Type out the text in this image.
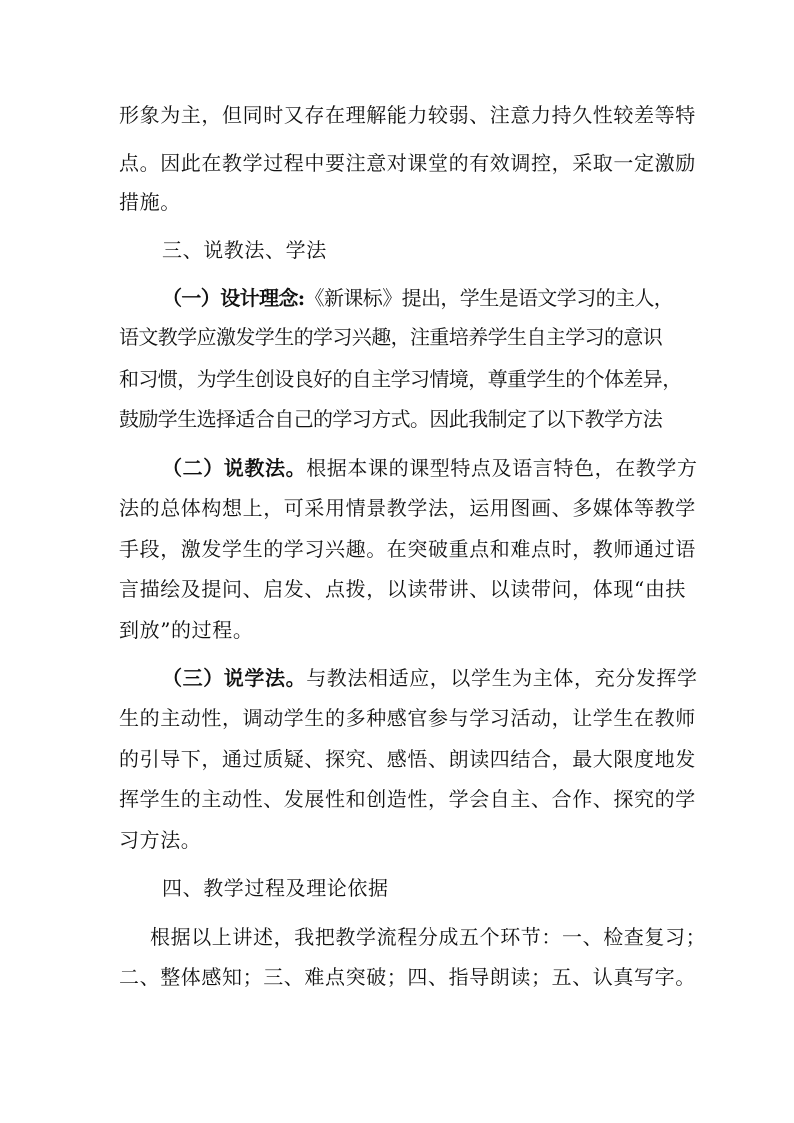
形象为主，但同时又存在理解能力较弱、注意力持久性较差等特
点。因此在教学过程中要注意对课堂的有效调控，采取一定激励
措施。
三、说教法、学法
（一）设计理念:《新课标》提出，学生是语文学习的主人，
语文教学应激发学生的学习兴趣，注重培养学生自主学习的意识
和习惯，为学生创设良好的自主学习情境，尊重学生的个体差异，
鼓励学生选择适合自己的学习方式。因此我制定了以下教学方法
（二）说教法。根据本课的课型特点及语言特色，在教学方
法的总体构想上，可采用情景教学法，运用图画、多媒体等教学
手段，激发学生的学习兴趣。在突破重点和难点时，教师通过语
言描绘及提问、启发、点拨，以读带讲、以读带问，体现“由扶
到放”的过程。
（三）说学法。与教法相适应，以学生为主体，充分发挥学
生的主动性，调动学生的多种感官参与学习活动，让学生在教师
的引导下，通过质疑、探究、感悟、朗读四结合，最大限度地发
挥学生的主动性、发展性和创造性，学会自主、合作、探究的学
习方法。
四、教学过程及理论依据
根据以上讲述，我把教学流程分成五个环节：一、检查复习；
二、整体感知；三、难点突破；四、指导朗读；五、认真写字。
